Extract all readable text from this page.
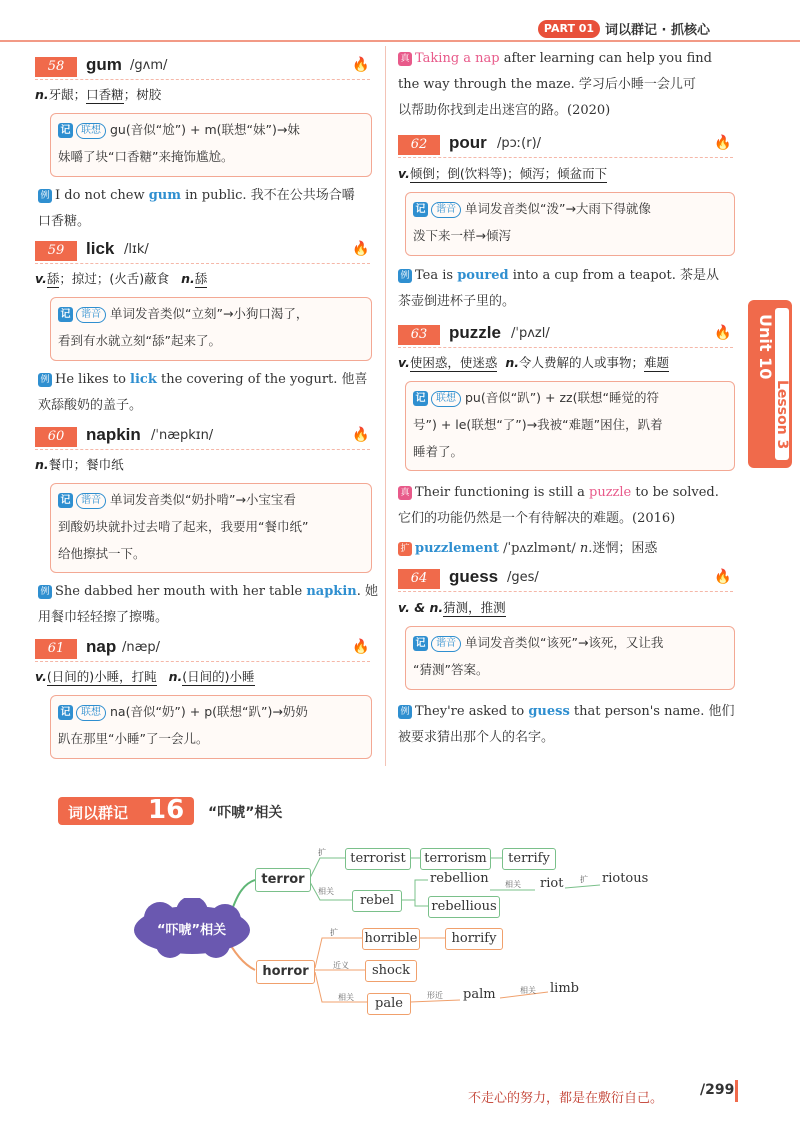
PART 01 词以群记 · 抓核心
58	gum /gʌm/	🔥
n.牙龈；口香糖；树胶
记 联想 gu(音似“尬”) + m(联想“妹”)→妹
妹嚼了块“口香糖”来掩饰尴尬。
例 I do not chew gum in public. 我不在公共场合嚼
口香糖。
59	lick /lɪk/	🔥
v.舔；掠过；(火舌)蔽食 n.舔
记 谐音 单词发音类似“立刻”→小狗口渴了，
看到有水就立刻“舔”起来了。
例 He likes to lick the covering of the yogurt. 他喜
欢舔酸奶的盖子。
60	napkin /ˈnæpkɪn/	🔥
n.餐巾；餐巾纸
记 谐音 单词发音类似“奶扑啃”→小宝宝看
到酸奶块就扑过去啃了起来，我要用“餐巾纸”
给他擦拭一下。
例 She dabbed her mouth with her table napkin. 她
用餐巾轻轻擦了擦嘴。
61	nap /næp/	🔥
v.(日间的)小睡，打盹 n.(日间的)小睡
记 联想 na(音似“奶”) + p(联想“趴”)→奶奶
趴在那里“小睡”了一会儿。
真 Taking a nap after learning can help you find
the way through the maze. 学习后小睡一会儿可
以帮助你找到走出迷宫的路。(2020)
62	pour /pɔː(r)/	🔥
v.倾倒；倒(饮料等)；倾泻；倾盆而下
记 谐音 单词发音类似“泼”→大雨下得就像
泼下来一样→倾泻
例 Tea is poured into a cup from a teapot. 茶是从
茶壶倒进杯子里的。
63	puzzle /ˈpʌzl/	🔥
v.使困惑，使迷惑 n.令人费解的人或事物；难题
记 联想 pu(音似“趴”) + zz(联想“睡觉的符
号”) + le(联想“了”)→我被“难题”困住，趴着
睡着了。
真 Their functioning is still a puzzle to be solved.
它们的功能仍然是一个有待解决的难题。(2016)
扩 puzzlement /ˈpʌzlmənt/ n.迷惘；困惑
64	guess /ges/	🔥
v. & n.猜测，推测
记 谐音 单词发音类似“该死”→该死，又让我
“猜测”答案。
例 They're asked to guess that person's name. 他们
被要求猜出那个人的名字。
Unit 10
Lesson 3
词以群记 16 “吓唬”相关
“吓唬”相关
terror
terrorist	terrorism	terrify
rebel
rebellion
rebellious
riot	riotous
horror
horrible	horrify
shock
pale
palm	limb
扩
相关
相关
扩
扩
近义
相关	形近
相关
不走心的努力，都是在敷衍自己。
/299
